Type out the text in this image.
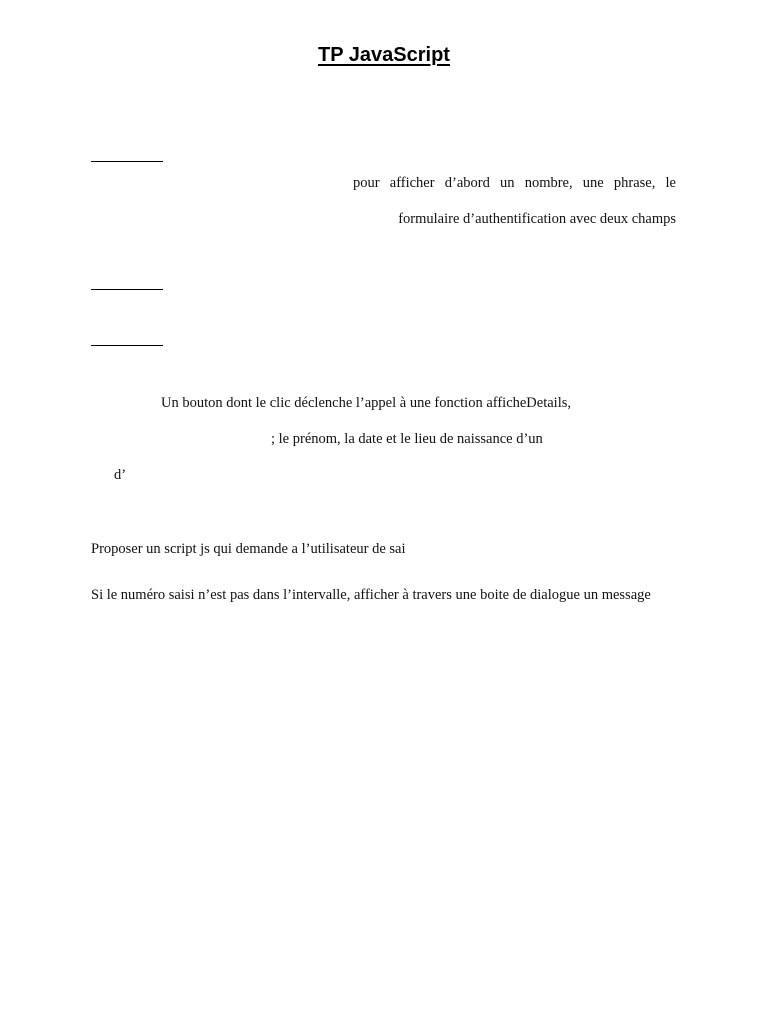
TP JavaScript
pour afficher d’abord un nombre, une phrase, le
formulaire d’authentification avec deux champs
Un bouton dont le clic déclenche l’appel à une fonction afficheDetails,
; le prénom, la date et le lieu de naissance d’un
d’
Proposer un script js qui demande a l’utilisateur de sai
Si le numéro saisi n’est pas dans l’intervalle, afficher à travers une boite de dialogue un message
